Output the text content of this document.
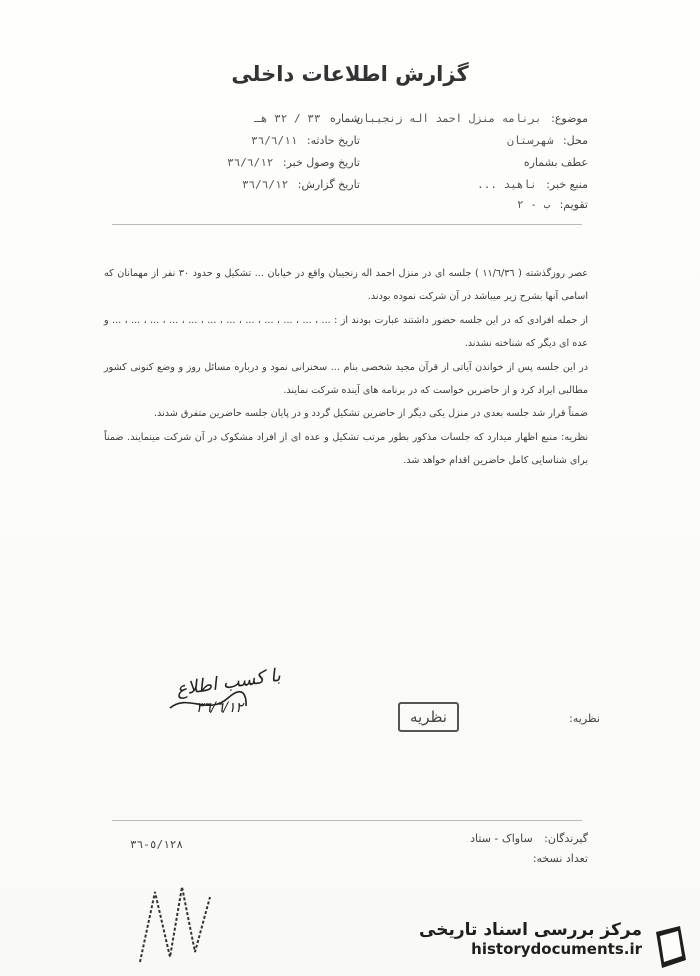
گزارش اطلاعات داخلی
موضوع: برنامه منزل احمد اله زنجیبان
محل: شهرستان
عطف بشماره
منبع خبر: ناهيد ...
تقويم: ب - ٢
شماره ٣٣ / ٣٢ هـ
تاريخ حادثه: ٣٦/٦/١١
تاريخ وصول خبر: ٣٦/٦/١٢
تاريخ گزارش: ٣٦/٦/١٢

عصر روزگذشته ( ١١/٦/٣٦ ) جلسه ای در منزل احمد اله زنجیبان واقع در خیابان ... تشکیل و حدود ٣٠ نفر از مهمانان که اسامی آنها بشرح زیر میباشد در آن شرکت نموده بودند.

از جمله افرادی که در این جلسه حضور داشتند عبارت بودند از : ... ، ... ، ... ، ... ، ... ، ... ، ... ، ... ، ... ، ... ، ... ، ... و عده ای دیگر که شناخته نشدند.

در این جلسه پس از خواندن آیاتی از قرآن مجید شخصی بنام ... سخنرانی نمود و درباره مسائل روز و وضع کنونی کشور مطالبی ایراد کرد و از حاضرین خواست که در برنامه های آینده شرکت نمایند.

ضمناً قرار شد جلسه بعدی در منزل یکی دیگر از حاضرین تشکیل گردد و در پایان جلسه حاضرین متفرق شدند.

نظریه: منبع اظهار میدارد که جلسات مذکور بطور مرتب تشکیل و عده ای از افراد مشکوک در آن شرکت مینمایند. ضمناً برای شناسایی کامل حاضرین اقدام خواهد شد.

با کسب اطلاع
٣٦/٦/١٢	نظریه	نظريه:
گيرندگان: ساواک - ستاد
تعداد نسخه:
٥/١٢٨-٣٦
مرکز بررسی اسناد تاریخی
historydocuments.ir
